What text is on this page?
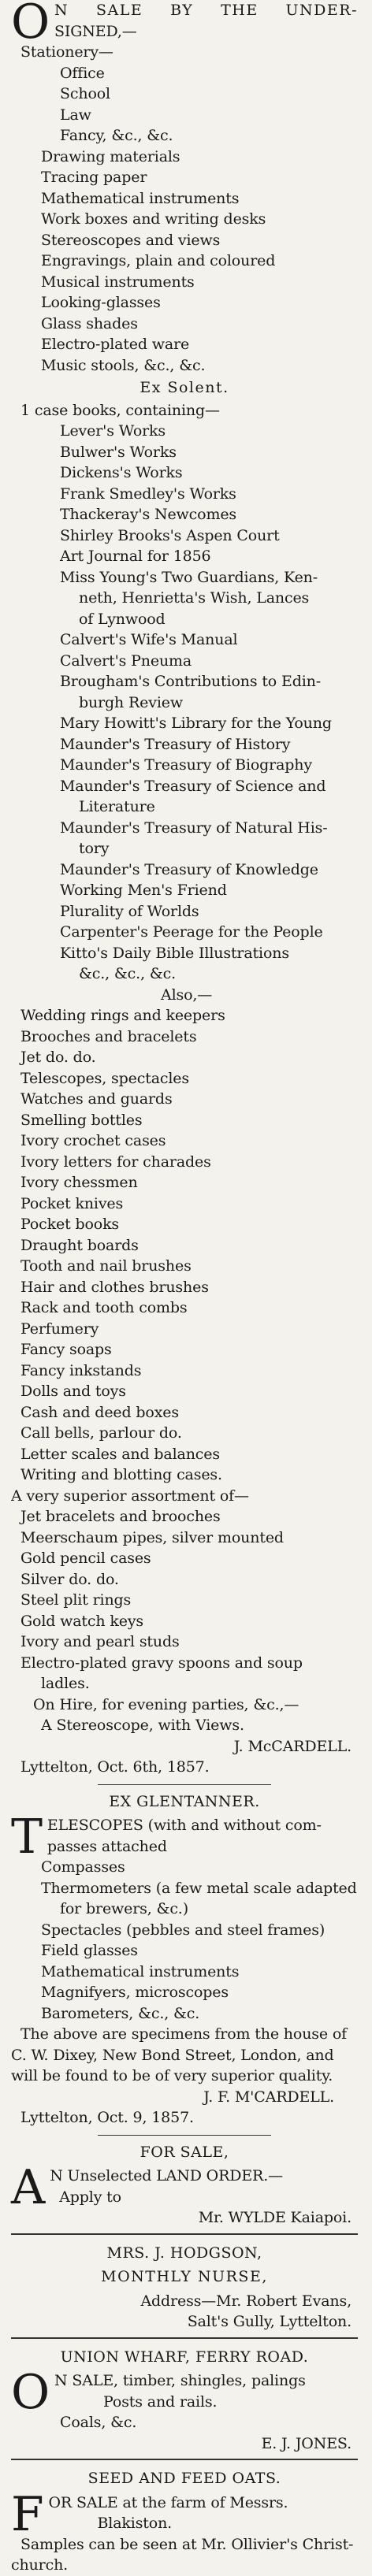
O N SALE BY THE UNDER-
SIGNED,—
Stationery—
Office
School
Law
Fancy, &c., &c.
Drawing materials
Tracing paper
Mathematical instruments
Work boxes and writing desks
Stereoscopes and views
Engravings, plain and coloured
Musical instruments
Looking-glasses
Glass shades
Electro-plated ware
Music stools, &c., &c.
Ex Solent.
1 case books, containing—
Lever's Works
Bulwer's Works
Dickens's Works
Frank Smedley's Works
Thackeray's Newcomes
Shirley Brooks's Aspen Court
Art Journal for 1856
Miss Young's Two Guardians, Ken-
neth, Henrietta's Wish, Lances
of Lynwood
Calvert's Wife's Manual
Calvert's Pneuma
Brougham's Contributions to Edin-
burgh Review
Mary Howitt's Library for the Young
Maunder's Treasury of History
Maunder's Treasury of Biography
Maunder's Treasury of Science and
Literature
Maunder's Treasury of Natural His-
tory
Maunder's Treasury of Knowledge
Working Men's Friend
Plurality of Worlds
Carpenter's Peerage for the People
Kitto's Daily Bible Illustrations
&c., &c., &c.
Also,—
Wedding rings and keepers
Brooches and bracelets
Jet do. do.
Telescopes, spectacles
Watches and guards
Smelling bottles
Ivory crochet cases
Ivory letters for charades
Ivory chessmen
Pocket knives
Pocket books
Draught boards
Tooth and nail brushes
Hair and clothes brushes
Rack and tooth combs
Perfumery
Fancy soaps
Fancy inkstands
Dolls and toys
Cash and deed boxes
Call bells, parlour do.
Letter scales and balances
Writing and blotting cases.
A very superior assortment of—
Jet bracelets and brooches
Meerschaum pipes, silver mounted
Gold pencil cases
Silver do. do.
Steel plit rings
Gold watch keys
Ivory and pearl studs
Electro-plated gravy spoons and soup
ladles.
On Hire, for evening parties, &c.,—
A Stereoscope, with Views.
J. McCARDELL.
Lyttelton, Oct. 6th, 1857.
EX GLENTANNER.
T ELESCOPES (with and without com-
passes attached
Compasses
Thermometers (a few metal scale adapted
for brewers, &c.)
Spectacles (pebbles and steel frames)
Field glasses
Mathematical instruments
Magnifyers, microscopes
Barometers, &c., &c.
The above are specimens from the house of
C. W. Dixey, New Bond Street, London, and
will be found to be of very superior quality.
J. F. M'CARDELL.
Lyttelton, Oct. 9, 1857.
FOR SALE,
A N Unselected LAND ORDER.—
Apply to
Mr. WYLDE Kaiapoi.
MRS. J. HODGSON,
MONTHLY NURSE,
Address—Mr. Robert Evans,
Salt's Gully, Lyttelton.
UNION WHARF, FERRY ROAD.
O N SALE, timber, shingles, palings
Posts and rails.
Coals, &c.
E. J. JONES.
SEED AND FEED OATS.
F OR SALE at the farm of Messrs.
Blakiston.
Samples can be seen at Mr. Ollivier's Christ-
church.
